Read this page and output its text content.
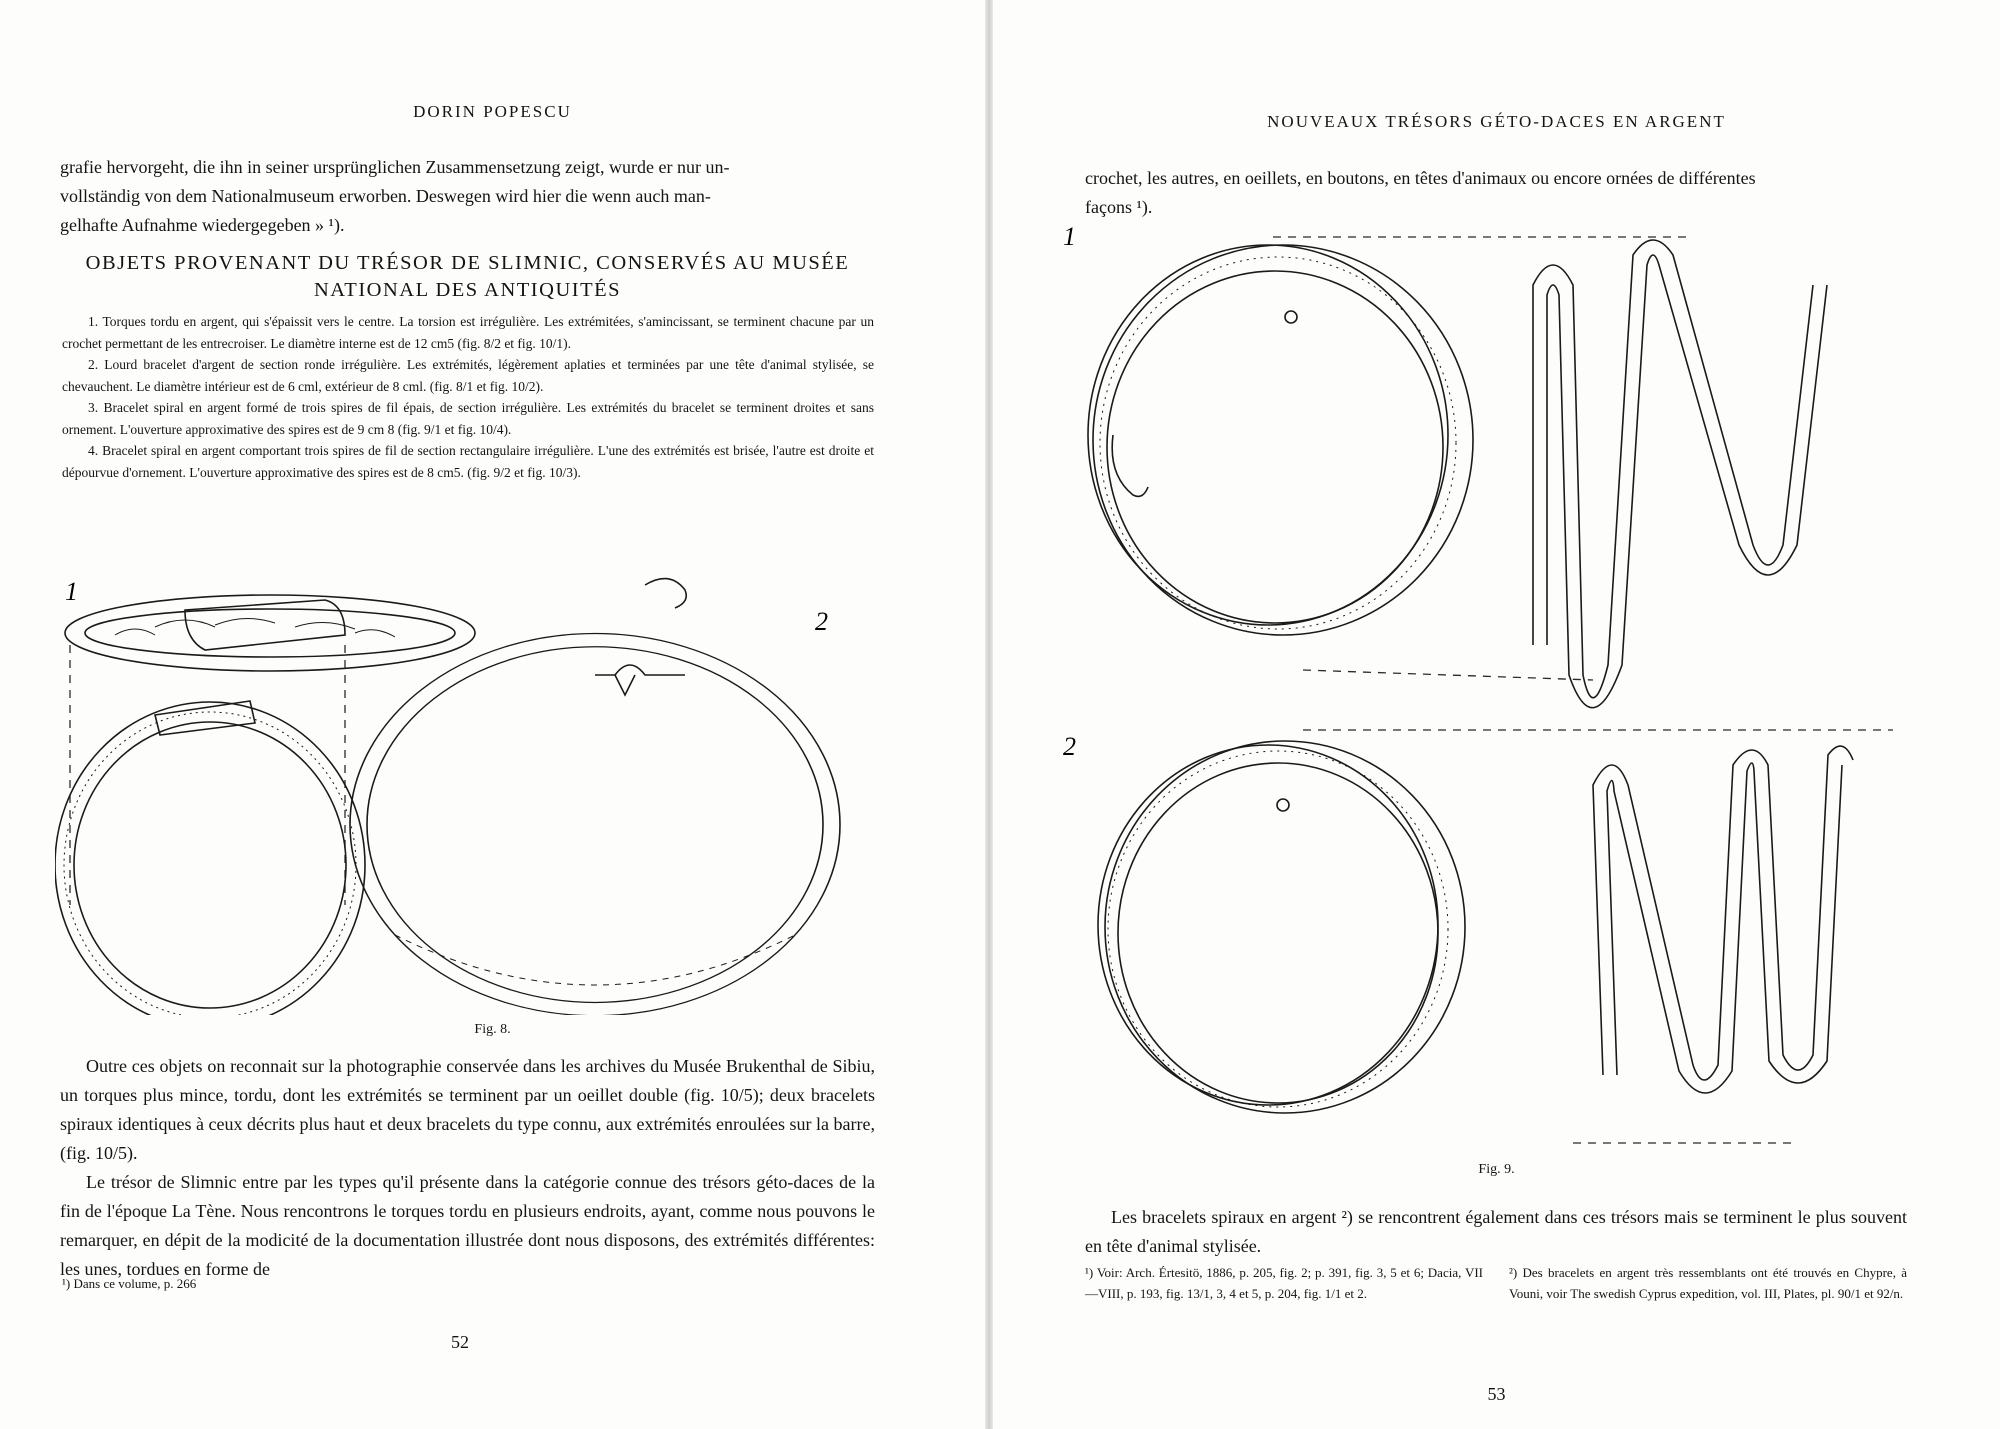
DORIN POPESCU
grafie hervorgeht, die ihn in seiner ursprünglichen Zusammensetzung zeigt, wurde er nur un-
vollständig von dem Nationalmuseum erworben. Deswegen wird hier die wenn auch man-
gelhafte Aufnahme wiedergegeben » ¹).
OBJETS PROVENANT DU TRÉSOR DE SLIMNIC, CONSERVÉS AU MUSÉE
NATIONAL DES ANTIQUITÉS

1. Torques tordu en argent, qui s'épaissit vers le centre. La torsion est irrégulière. Les extrémitées, s'amincissant, se terminent chacune par un crochet permettant de les entrecroiser. Le diamètre interne est de 12 cm5 (fig. 8/2 et fig. 10/1).

2. Lourd bracelet d'argent de section ronde irrégulière. Les extrémités, légèrement aplaties et terminées par une tête d'animal stylisée, se chevauchent. Le diamètre intérieur est de 6 cml, extérieur de 8 cml. (fig. 8/1 et fig. 10/2).

3. Bracelet spiral en argent formé de trois spires de fil épais, de section irrégulière. Les extrémités du bracelet se terminent droites et sans ornement. L'ouverture approximative des spires est de 9 cm 8 (fig. 9/1 et fig. 10/4).

4. Bracelet spiral en argent comportant trois spires de fil de section rectangulaire irrégulière. L'une des extrémités est brisée, l'autre est droite et dépourvue d'ornement. L'ouverture approximative des spires est de 8 cm5. (fig. 9/2 et fig. 10/3).

1
2
Fig. 8.

Outre ces objets on reconnait sur la photographie conservée dans les archives du Musée Brukenthal de Sibiu, un torques plus mince, tordu, dont les extrémités se terminent par un oeillet double (fig. 10/5); deux bracelets spiraux identiques à ceux décrits plus haut et deux bracelets du type connu, aux extrémités enroulées sur la barre, (fig. 10/5).

Le trésor de Slimnic entre par les types qu'il présente dans la catégorie connue des trésors géto-daces de la fin de l'époque La Tène. Nous rencontrons le torques tordu en plusieurs endroits, ayant, comme nous pouvons le remarquer, en dépit de la modicité de la documentation illustrée dont nous disposons, des extrémités différentes: les unes, tordues en forme de

¹) Dans ce volume, p. 266
52
NOUVEAUX TRÉSORS GÉTO-DACES EN ARGENT
crochet, les autres, en oeillets, en boutons, en têtes d'animaux ou encore ornées de différentes
façons ¹).
1
2
Fig. 9.
Les bracelets spiraux en argent ²) se rencontrent également dans ces trésors mais se terminent le plus souvent en tête d'animal stylisée.
¹) Voir: Arch. Értesitö, 1886, p. 205, fig. 2; p. 391, fig. 3, 5 et 6; Dacia, VII—VIII, p. 193, fig. 13/1, 3, 4 et 5, p. 204, fig. 1/1 et 2.
²) Des bracelets en argent très ressemblants ont été trouvés en Chypre, à Vouni, voir The swedish Cyprus expedition, vol. III, Plates, pl. 90/1 et 92/n.
53
